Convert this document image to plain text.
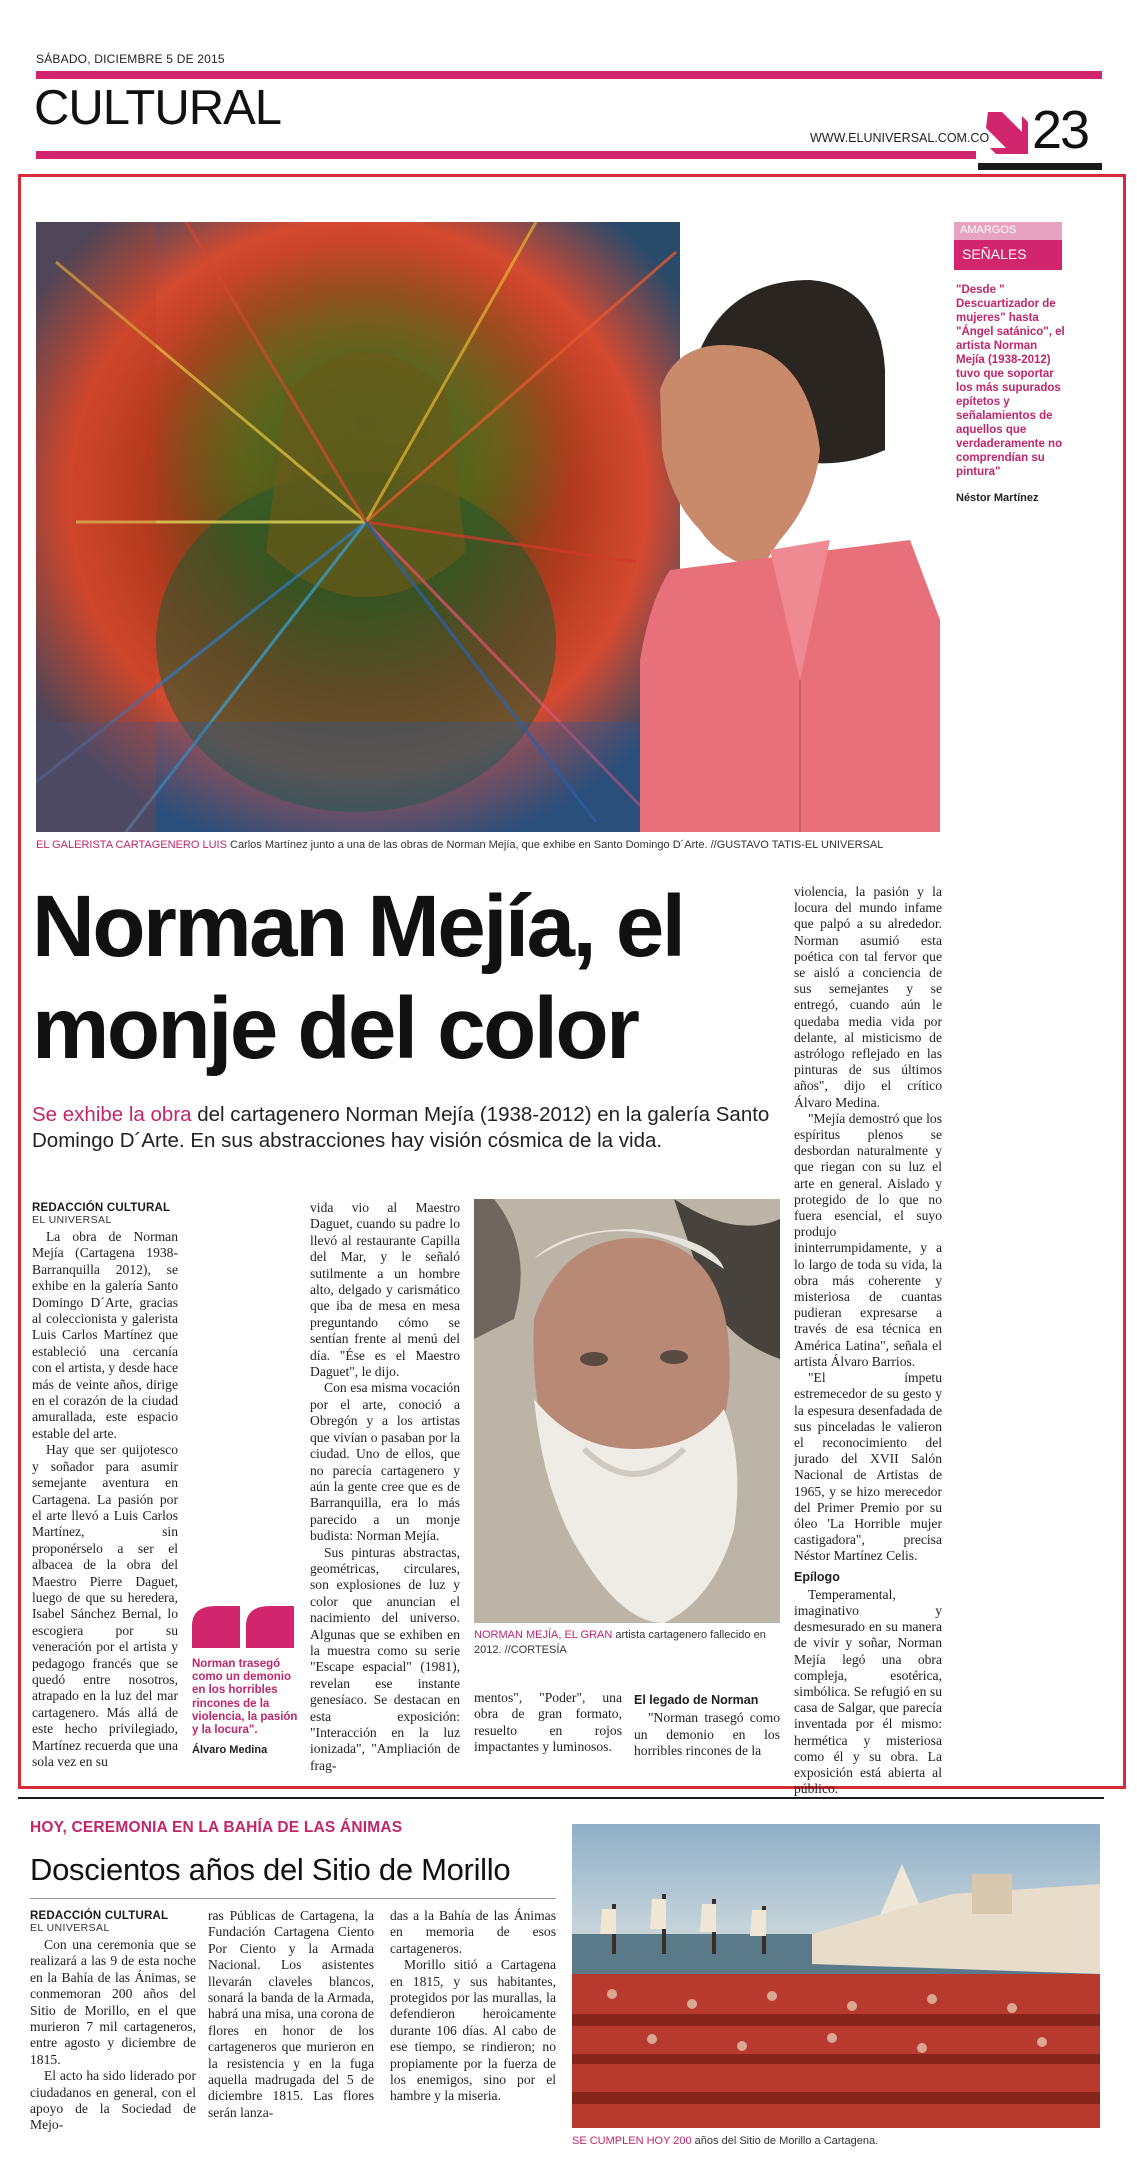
SÁBADO, DICIEMBRE 5 DE 2015
CULTURAL
WWW.ELUNIVERSAL.COM.CO 23
AMARGOS
SEÑALES
"Desde " Descuartizador de mujeres" hasta "Ángel satánico", el artista Norman Mejía (1938-2012) tuvo que soportar los más supurados epítetos y señalamientos de aquellos que verdaderamente no comprendían su pintura"
Néstor Martínez
EL GALERISTA CARTAGENERO LUIS Carlos Martínez junto a una de las obras de Norman Mejía, que exhibe en Santo Domingo D´Arte. //GUSTAVO TATIS-EL UNIVERSAL
Norman Mejía, el
monje del color
Se exhibe la obra del cartagenero Norman Mejía (1938-2012) en la galería Santo Domingo D´Arte. En sus abstracciones hay visión cósmica de la vida.
REDACCIÓN CULTURAL
EL UNIVERSAL

La obra de Norman Mejía (Cartagena 1938-Barranquilla 2012), se exhibe en la galería Santo Domingo D´Arte, gracias al coleccionista y galerista Luis Carlos Martínez que estableció una cercanía con el artista, y desde hace más de veinte años, dirige en el corazón de la ciudad amurallada, este espacio estable del arte.

Hay que ser quijotesco y soñador para asumir semejante aventura en Cartagena. La pasión por el arte llevó a Luis Carlos Martínez, sin proponérselo a ser el albacea de la obra del Maestro Pierre Daguet, luego de que su heredera, Isabel Sánchez Bernal, lo escogiera por su veneración por el artista y pedagogo francés que se quedó entre nosotros, atrapado en la luz del mar cartagenero. Más allá de este hecho privilegiado, Martínez recuerda que una sola vez en su

Norman trasegó como un demonio en los horribles rincones de la violencia, la pasión y la locura".
Álvaro Medina

vida vio al Maestro Daguet, cuando su padre lo llevó al restaurante Capilla del Mar, y le señaló sutilmente a un hombre alto, delgado y carismático que iba de mesa en mesa preguntando cómo se sentían frente al menú del día. "Ése es el Maestro Daguet", le dijo.

Con esa misma vocación por el arte, conoció a Obregón y a los artistas que vivían o pasaban por la ciudad. Uno de ellos, que no parecía cartagenero y aún la gente cree que es de Barranquilla, era lo más parecido a un monje budista: Norman Mejía.

Sus pinturas abstractas, geométricas, circulares, son explosiones de luz y color que anuncian el nacimiento del universo. Algunas que se exhiben en la muestra como su serie "Escape espacial" (1981), revelan ese instante genesíaco. Se destacan en esta exposición: "Interacción en la luz ionizada", "Ampliación de frag-

NORMAN MEJÍA, EL GRAN artista cartagenero fallecido en 2012. //CORTESÍA

mentos", "Poder", una obra de gran formato, resuelto en rojos impactantes y luminosos.

El legado de Norman

"Norman trasegó como un demonio en los horribles rincones de la

violencia, la pasión y la locura del mundo infame que palpó a su alrededor. Norman asumió esta poética con tal fervor que se aisló a conciencia de sus semejantes y se entregó, cuando aún le quedaba media vida por delante, al misticismo de astrólogo reflejado en las pinturas de sus últimos años", dijo el crítico Álvaro Medina.

"Mejía demostró que los espíritus plenos se desbordan naturalmente y que riegan con su luz el arte en general. Aislado y protegido de lo que no fuera esencial, el suyo produjo ininterrumpidamente, y a lo largo de toda su vida, la obra más coherente y misteriosa de cuantas pudieran expresarse a través de esa técnica en América Latina", señala el artista Álvaro Barrios.

"El ímpetu estremecedor de su gesto y la espesura desenfadada de sus pinceladas le valieron el reconocimiento del jurado del XVII Salón Nacional de Artistas de 1965, y se hizo merecedor del Primer Premio por su óleo 'La Horrible mujer castigadora", precisa Néstor Martínez Celis.

Epílogo

Temperamental, imaginativo y desmesurado en su manera de vivir y soñar, Norman Mejía legó una obra compleja, esotérica, simbólica. Se refugió en su casa de Salgar, que parecía inventada por él mismo: hermética y misteriosa como él y su obra. La exposición está abierta al público.

HOY, CEREMONIA EN LA BAHÍA DE LAS ÁNIMAS
Doscientos años del Sitio de Morillo
REDACCIÓN CULTURAL
EL UNIVERSAL

Con una ceremonia que se realizará a las 9 de esta noche en la Bahía de las Ánimas, se conmemoran 200 años del Sitio de Morillo, en el que murieron 7 mil cartageneros, entre agosto y diciembre de 1815.

El acto ha sido liderado por ciudadanos en general, con el apoyo de la Sociedad de Mejo-

ras Públicas de Cartagena, la Fundación Cartagena Ciento Por Ciento y la Armada Nacional. Los asistentes llevarán claveles blancos, sonará la banda de la Armada, habrá una misa, una corona de flores en honor de los cartageneros que murieron en la resistencia y en la fuga aquella madrugada del 5 de diciembre 1815. Las flores serán lanza-

das a la Bahía de las Ánimas en memoria de esos cartageneros.

Morillo sitió a Cartagena en 1815, y sus habitantes, protegidos por las murallas, la defendieron heroicamente durante 106 días. Al cabo de ese tiempo, se rindieron; no propiamente por la fuerza de los enemigos, sino por el hambre y la miseria.

SE CUMPLEN HOY 200 años del Sitio de Morillo a Cartagena.
